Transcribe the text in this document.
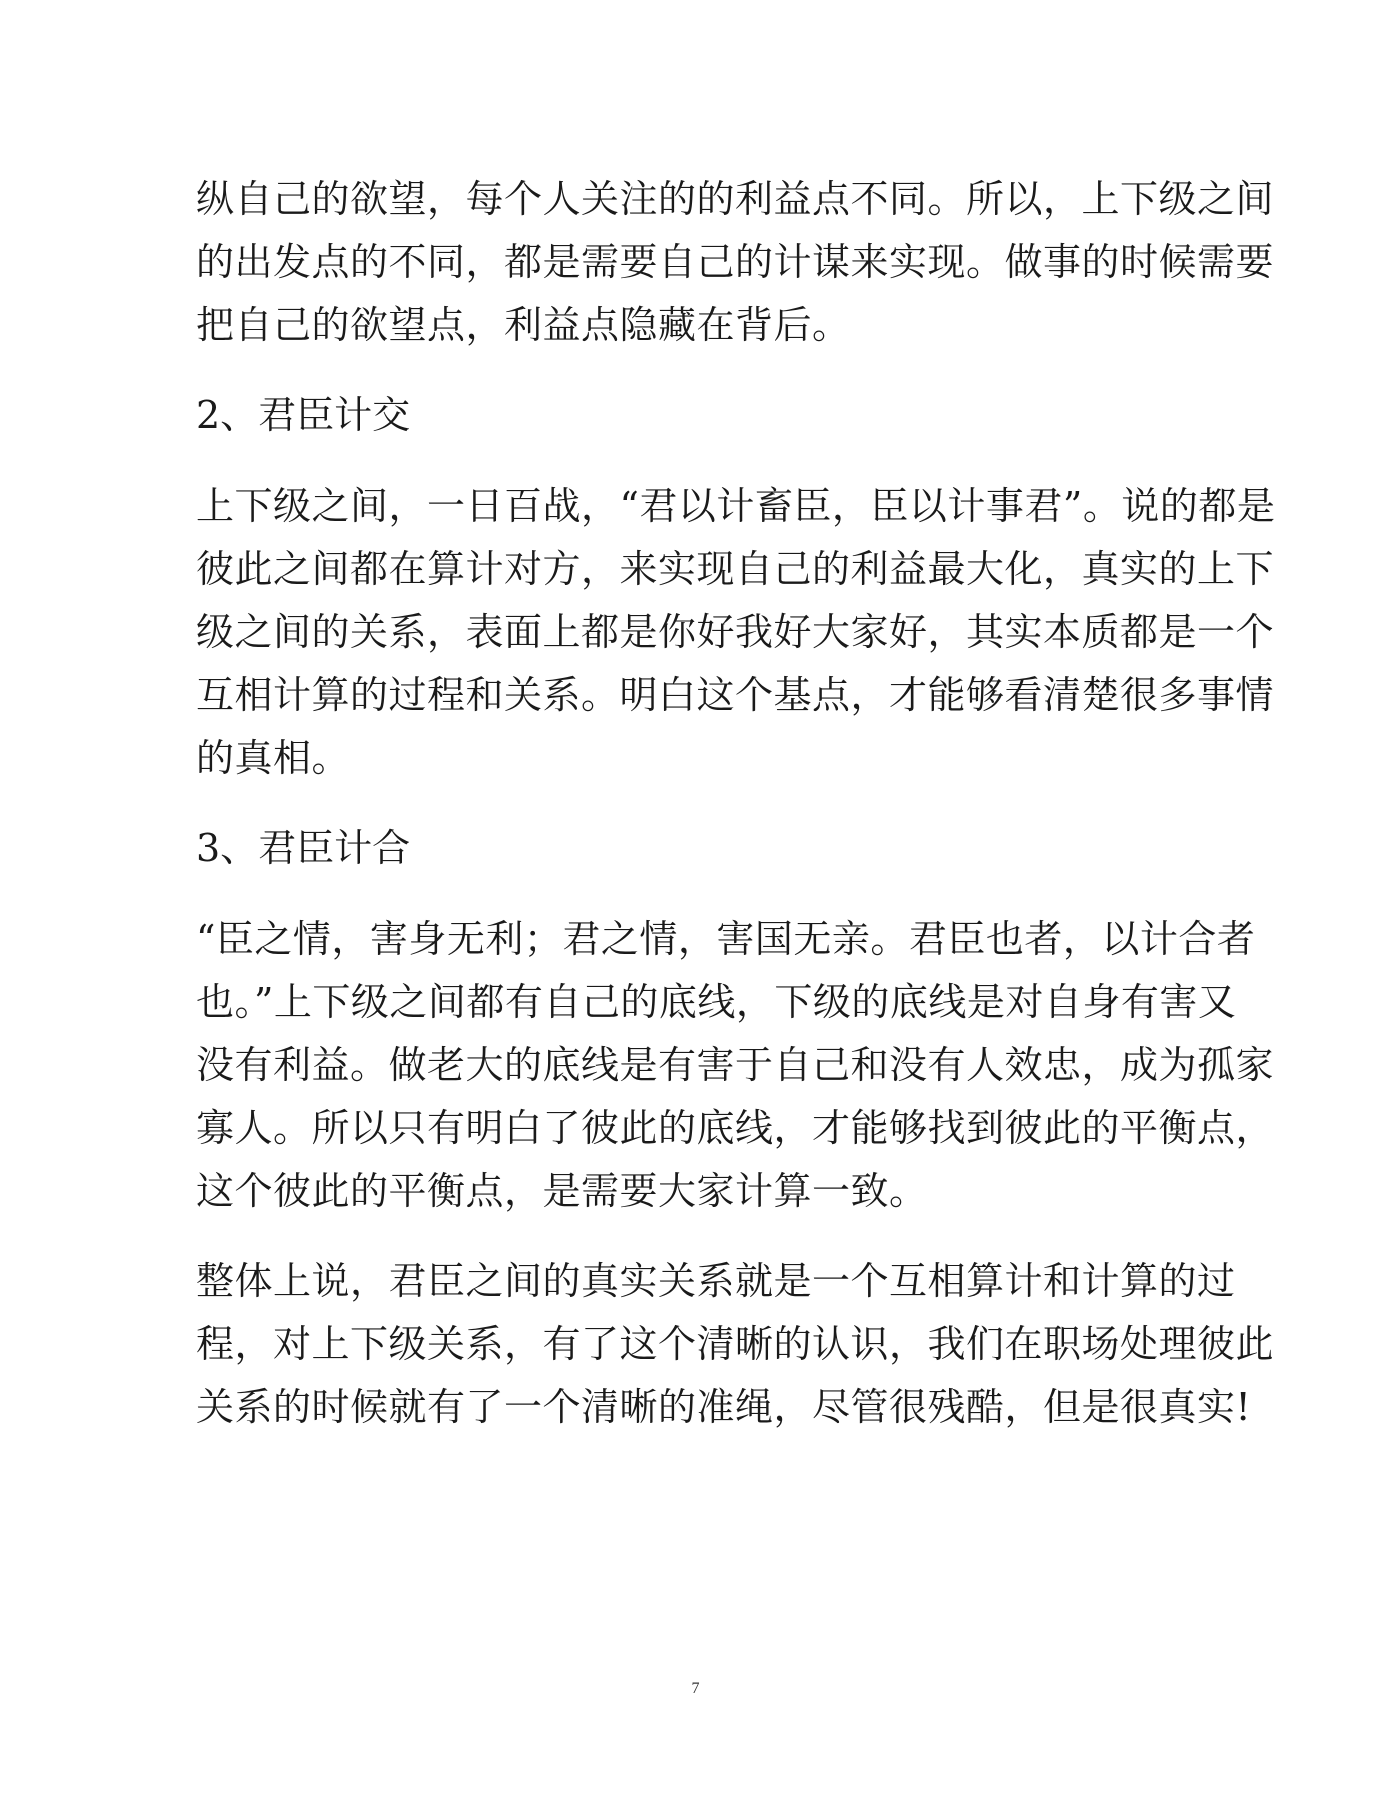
纵自己的欲望，每个人关注的的利益点不同。所以，上下级之间
的出发点的不同，都是需要自己的计谋来实现。做事的时候需要
把自己的欲望点，利益点隐藏在背后。
2、君臣计交
上下级之间，一日百战，“君以计畜臣，臣以计事君”。说的都是
彼此之间都在算计对方，来实现自己的利益最大化，真实的上下
级之间的关系，表面上都是你好我好大家好，其实本质都是一个
互相计算的过程和关系。明白这个基点，才能够看清楚很多事情
的真相。
3、君臣计合
“臣之情，害身无利；君之情，害国无亲。君臣也者，以计合者
也。”上下级之间都有自己的底线，下级的底线是对自身有害又
没有利益。做老大的底线是有害于自己和没有人效忠，成为孤家
寡人。所以只有明白了彼此的底线，才能够找到彼此的平衡点，
这个彼此的平衡点，是需要大家计算一致。
整体上说，君臣之间的真实关系就是一个互相算计和计算的过
程，对上下级关系，有了这个清晰的认识，我们在职场处理彼此
关系的时候就有了一个清晰的准绳，尽管很残酷，但是很真实!
7
